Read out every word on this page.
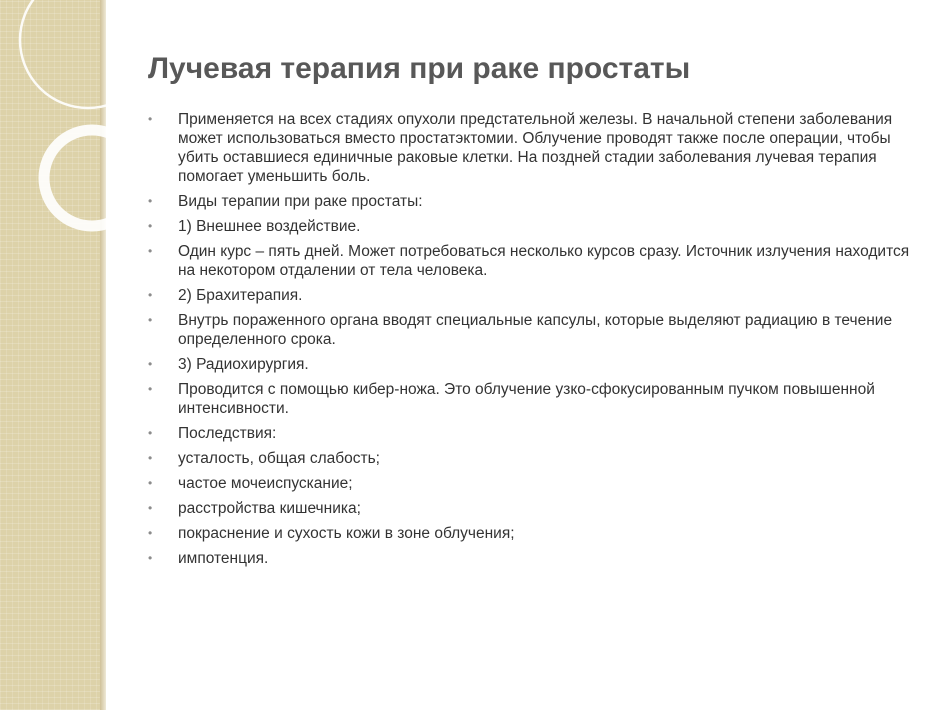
Лучевая терапия при раке простаты
• Применяется на всех стадиях опухоли предстательной железы. В начальной степени заболевания может использоваться вместо простатэктомии. Облучение проводят также после операции, чтобы убить оставшиеся единичные раковые клетки. На поздней стадии заболевания лучевая терапия помогает уменьшить боль.
• Виды терапии при раке простаты:
• 1) Внешнее воздействие.
• Один курс – пять дней. Может потребоваться несколько курсов сразу. Источник излучения находится на некотором отдалении от тела человека.
• 2) Брахитерапия.
• Внутрь пораженного органа вводят специальные капсулы, которые выделяют радиацию в течение определенного срока.
• 3) Радиохирургия.
• Проводится с помощью кибер-ножа. Это облучение узко-сфокусированным пучком повышенной интенсивности.
• Последствия:
• усталость, общая слабость;
• частое мочеиспускание;
• расстройства кишечника;
• покраснение и сухость кожи в зоне облучения;
• импотенция.
